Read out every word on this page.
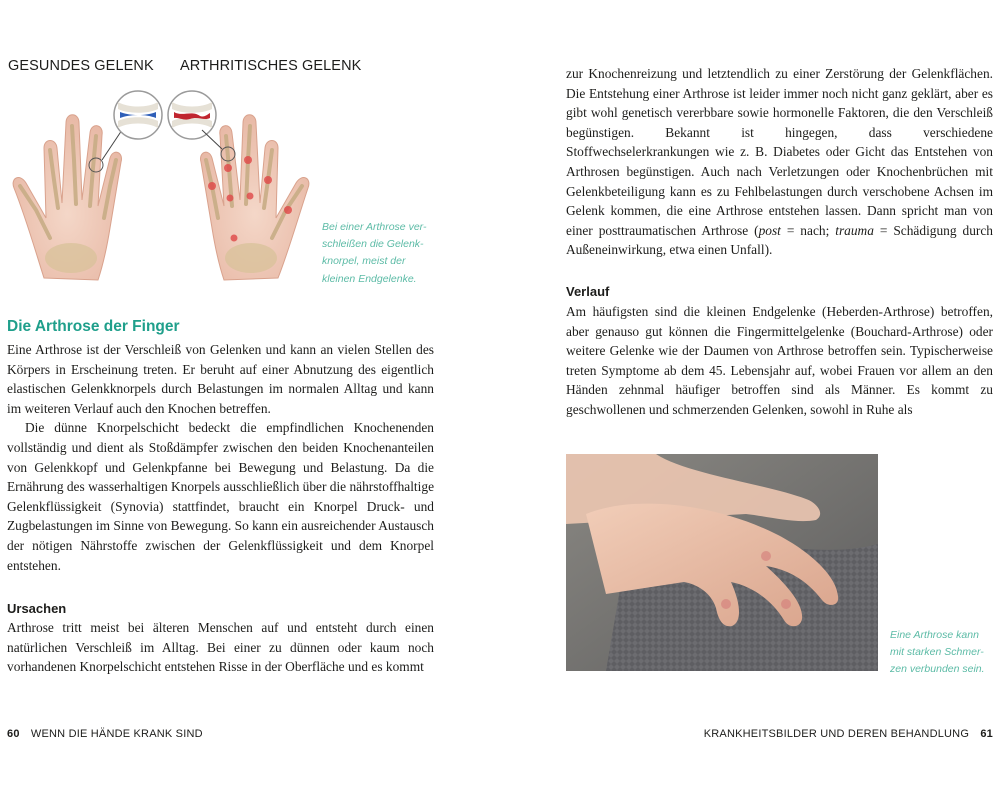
GESUNDES GELENK ARTHRITISCHES GELENK
Bei einer Arthrose ver-
schleißen die Gelenk-
knorpel, meist der
kleinen Endgelenke.
Die Arthrose der Finger

Eine Arthrose ist der Verschleiß von Gelenken und kann an vielen Stellen des Körpers in Erscheinung treten. Er beruht auf einer Abnutzung des eigentlich elastischen Gelenkknorpels durch Belastungen im normalen Alltag und kann im weiteren Verlauf auch den Knochen betreffen.

Die dünne Knorpelschicht bedeckt die empfindlichen Knochenenden vollständig und dient als Stoßdämpfer zwischen den beiden Knochenanteilen von Gelenkkopf und Gelenkpfanne bei Bewegung und Belastung. Da die Ernährung des wasserhaltigen Knorpels ausschließlich über die nährstoffhaltige Gelenkflüssigkeit (Synovia) stattfindet, braucht ein Knorpel Druck- und Zugbelastungen im Sinne von Bewegung. So kann ein ausreichender Austausch der nötigen Nährstoffe zwischen der Gelenkflüssigkeit und dem Knorpel entstehen.

Ursachen

Arthrose tritt meist bei älteren Menschen auf und entsteht durch einen natürlichen Verschleiß im Alltag. Bei einer zu dünnen oder kaum noch vorhandenen Knorpelschicht entstehen Risse in der Oberfläche und es kommt

60 WENN DIE HÄNDE KRANK SIND

zur Knochenreizung und letztendlich zu einer Zerstörung der Gelenkflächen. Die Entstehung einer Arthrose ist leider immer noch nicht ganz geklärt, aber es gibt wohl genetisch vererbbare sowie hormonelle Faktoren, die den Verschleiß begünstigen. Bekannt ist hingegen, dass verschiedene Stoffwechselerkrankungen wie z. B. Diabetes oder Gicht das Entstehen von Arthrosen begünstigen. Auch nach Verletzungen oder Knochenbrüchen mit Gelenkbeteiligung kann es zu Fehlbelastungen durch verschobene Achsen im Gelenk kommen, die eine Arthrose entstehen lassen. Dann spricht man von einer posttraumatischen Arthrose (post = nach; trauma = Schädigung durch Außeneinwirkung, etwa einen Unfall).

Verlauf

Am häufigsten sind die kleinen Endgelenke (Heberden-Arthrose) betroffen, aber genauso gut können die Fingermittelgelenke (Bouchard-Arthrose) oder weitere Gelenke wie der Daumen von Arthrose betroffen sein. Typischerweise treten Symptome ab dem 45. Lebensjahr auf, wobei Frauen vor allem an den Händen zehnmal häufiger betroffen sind als Männer. Es kommt zu geschwollenen und schmerzenden Gelenken, sowohl in Ruhe als

Eine Arthrose kann
mit starken Schmer-
zen verbunden sein.
KRANKHEITSBILDER UND DEREN BEHANDLUNG 61
